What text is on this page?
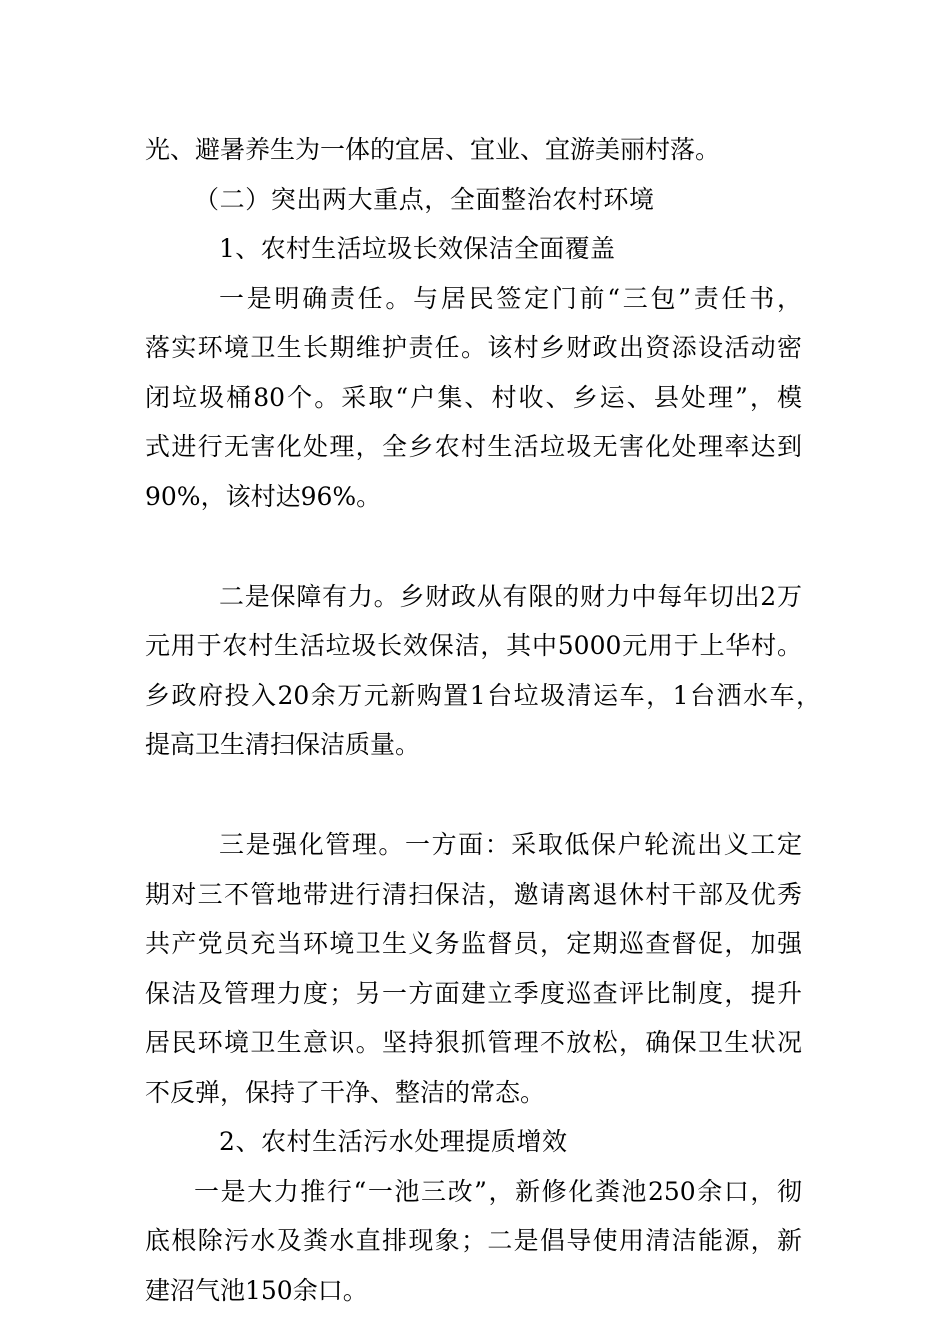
光、避暑养生为一体的宜居、宜业、宜游美丽村落。
（二）突出两大重点，全面整治农村环境
1、农村生活垃圾长效保洁全面覆盖
一是明确责任。与居民签定门前“三包”责任书，
落实环境卫生长期维护责任。该村乡财政出资添设活动密
闭垃圾桶80个。采取“户集、村收、乡运、县处理”，模
式进行无害化处理，全乡农村生活垃圾无害化处理率达到
90%，该村达96%。
二是保障有力。乡财政从有限的财力中每年切出2万
元用于农村生活垃圾长效保洁，其中5000元用于上华村。
乡政府投入20余万元新购置1台垃圾清运车，1台洒水车，
提高卫生清扫保洁质量。
三是强化管理。一方面：采取低保户轮流出义工定
期对三不管地带进行清扫保洁，邀请离退休村干部及优秀
共产党员充当环境卫生义务监督员，定期巡查督促，加强
保洁及管理力度；另一方面建立季度巡查评比制度，提升
居民环境卫生意识。坚持狠抓管理不放松，确保卫生状况
不反弹，保持了干净、整洁的常态。
2、农村生活污水处理提质增效
一是大力推行“一池三改”，新修化粪池250余口，彻
底根除污水及粪水直排现象；二是倡导使用清洁能源，新
建沼气池150余口。
